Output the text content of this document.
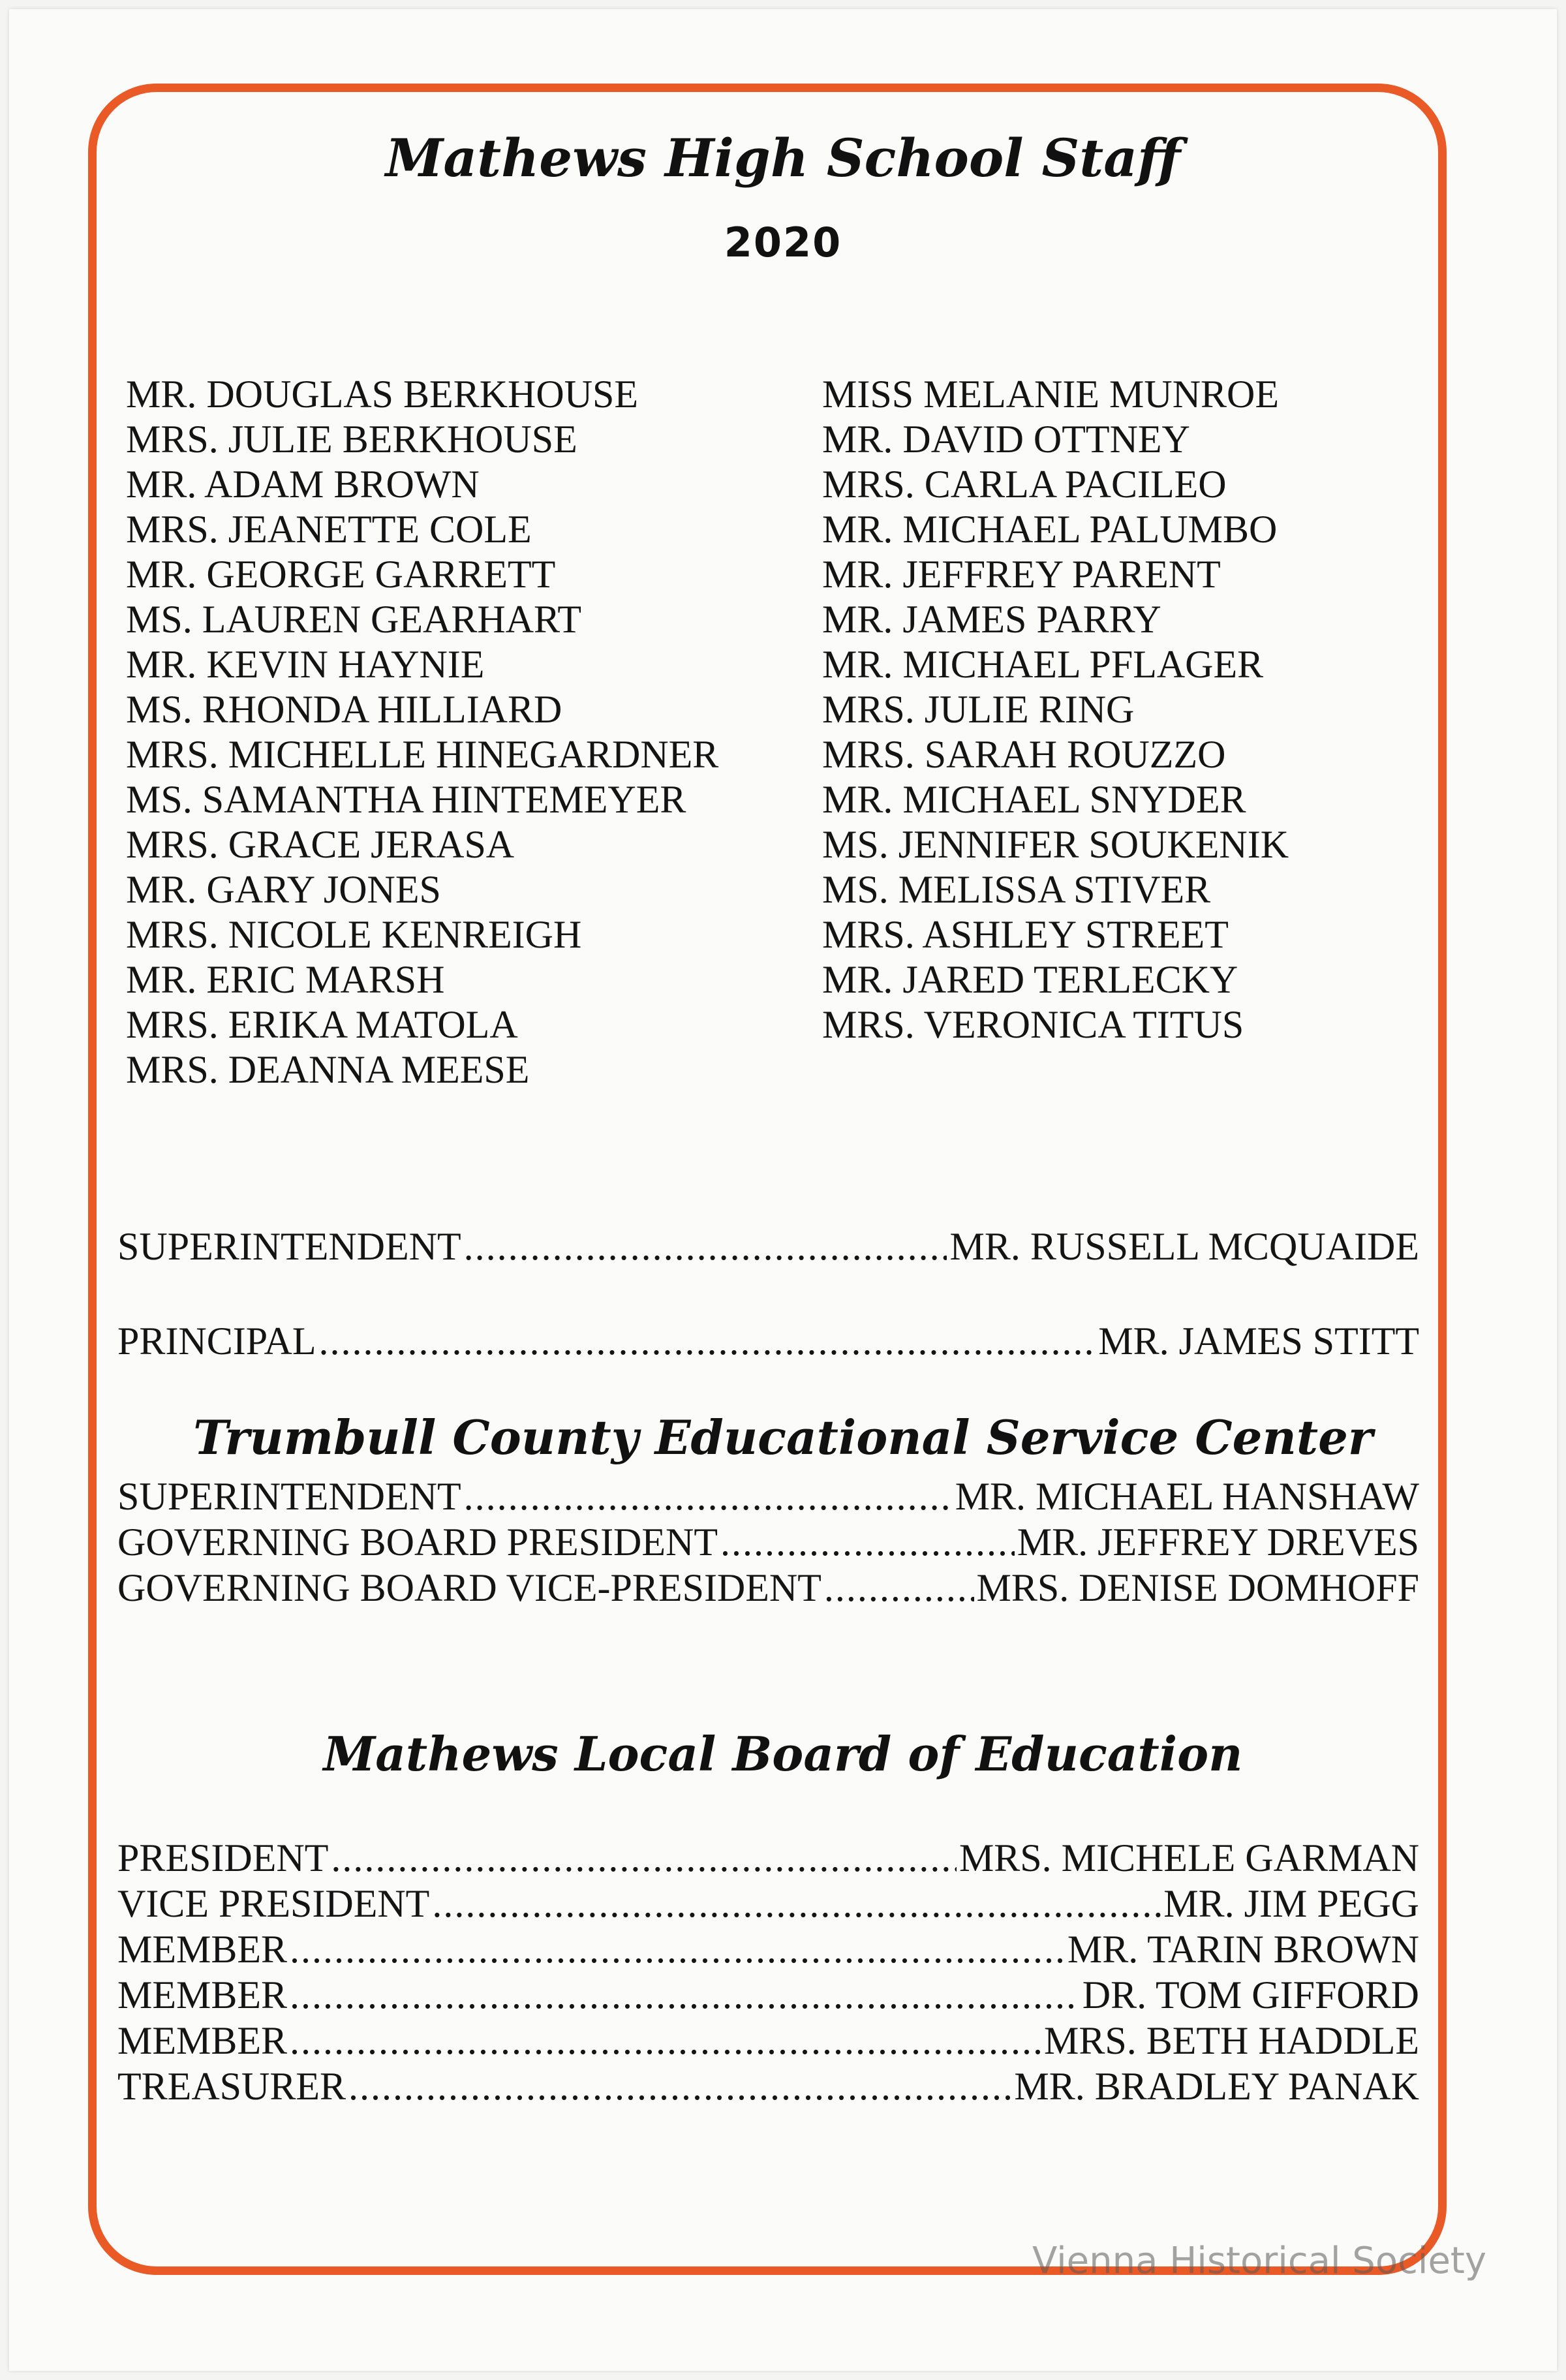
Mathews High School Staff
2020
MR. DOUGLAS BERKHOUSE
MRS. JULIE BERKHOUSE
MR. ADAM BROWN
MRS. JEANETTE COLE
MR. GEORGE GARRETT
MS. LAUREN GEARHART
MR. KEVIN HAYNIE
MS. RHONDA HILLIARD
MRS. MICHELLE HINEGARDNER
MS. SAMANTHA HINTEMEYER
MRS. GRACE JERASA
MR. GARY JONES
MRS. NICOLE KENREIGH
MR. ERIC MARSH
MRS. ERIKA MATOLA
MRS. DEANNA MEESE
MISS MELANIE MUNROE
MR. DAVID OTTNEY
MRS. CARLA PACILEO
MR. MICHAEL PALUMBO
MR. JEFFREY PARENT
MR. JAMES PARRY
MR. MICHAEL PFLAGER
MRS. JULIE RING
MRS. SARAH ROUZZO
MR. MICHAEL SNYDER
MS. JENNIFER SOUKENIK
MS. MELISSA STIVER
MRS. ASHLEY STREET
MR. JARED TERLECKY
MRS. VERONICA TITUS
SUPERINTENDENT .....	MR. RUSSELL MCQUAIDE
PRINCIPAL .....	MR. JAMES STITT
Trumbull County Educational Service Center
SUPERINTENDENT .....	MR. MICHAEL HANSHAW
GOVERNING BOARD PRESIDENT .....	MR. JEFFREY DREVES
GOVERNING BOARD VICE-PRESIDENT .....	MRS. DENISE DOMHOFF
Mathews Local Board of Education
PRESIDENT .....	MRS. MICHELE GARMAN
VICE PRESIDENT .....	MR. JIM PEGG
MEMBER .....	MR. TARIN BROWN
MEMBER .....	DR. TOM GIFFORD
MEMBER .....	MRS. BETH HADDLE
TREASURER .....	MR. BRADLEY PANAK
Vienna Historical Society
